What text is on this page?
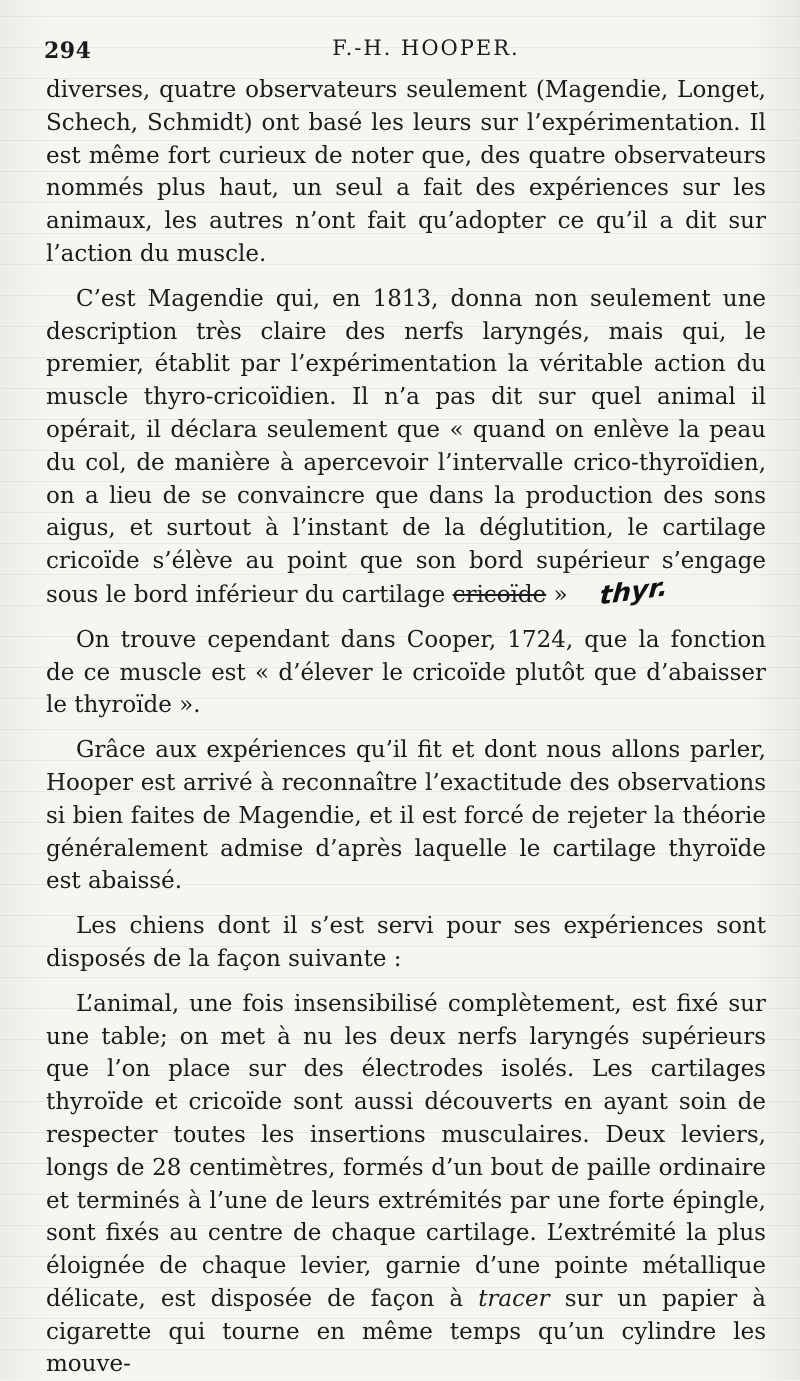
294	F.-H. HOOPER.

diverses, quatre observateurs seulement (Magendie, Longet, Schech, Schmidt) ont basé les leurs sur l’expérimentation. Il est même fort curieux de noter que, des quatre observateurs nommés plus haut, un seul a fait des expériences sur les animaux, les autres n’ont fait qu’adopter ce qu’il a dit sur l’action du muscle.

C’est Magendie qui, en 1813, donna non seulement une description très claire des nerfs laryngés, mais qui, le premier, établit par l’expérimentation la véritable action du muscle thyro-cricoïdien. Il n’a pas dit sur quel animal il opérait, il déclara seulement que « quand on enlève la peau du col, de manière à apercevoir l’intervalle crico-thyroïdien, on a lieu de se convaincre que dans la production des sons aigus, et surtout à l’instant de la déglutition, le cartilage cricoïde s’élève au point que son bord supérieur s’engage sous le bord inférieur du cartilage cricoïde » thyr.

On trouve cependant dans Cooper, 1724, que la fonction de ce muscle est « d’élever le cricoïde plutôt que d’abaisser le thyroïde ».

Grâce aux expériences qu’il fit et dont nous allons parler, Hooper est arrivé à reconnaître l’exactitude des observations si bien faites de Magendie, et il est forcé de rejeter la théorie généralement admise d’après laquelle le cartilage thyroïde est abaissé.

Les chiens dont il s’est servi pour ses expériences sont disposés de la façon suivante :

L’animal, une fois insensibilisé complètement, est fixé sur une table; on met à nu les deux nerfs laryngés supérieurs que l’on place sur des électrodes isolés. Les cartilages thyroïde et cricoïde sont aussi découverts en ayant soin de respecter toutes les insertions musculaires. Deux leviers, longs de 28 centimètres, formés d’un bout de paille ordinaire et terminés à l’une de leurs extrémités par une forte épingle, sont fixés au centre de chaque cartilage. L’extrémité la plus éloignée de chaque levier, garnie d’une pointe métallique délicate, est disposée de façon à tracer sur un papier à cigarette qui tourne en même temps qu’un cylindre les mouve-
